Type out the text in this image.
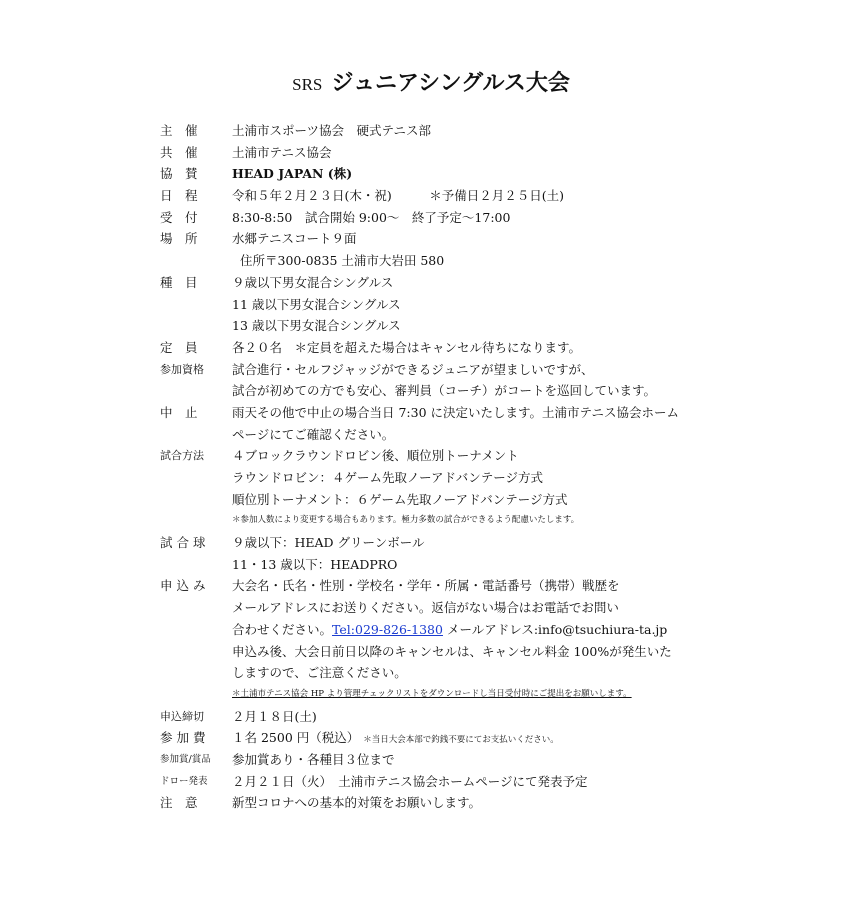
SRS ジュニアシングルス大会
主　催	土浦市スポーツ協会　硬式テニス部
共　催	土浦市テニス協会
協　賛	HEAD JAPAN (株)
日　程	令和５年２月２３日(木・祝)　　　＊予備日２月２５日(土)
受　付	8:30-8:50　試合開始 9:00～　終了予定～17:00
場　所	水郷テニスコート９面
住所〒300-0835 土浦市大岩田 580
種　目	９歳以下男女混合シングルス
11 歳以下男女混合シングルス
13 歳以下男女混合シングルス
定　員	各２０名　＊定員を超えた場合はキャンセル待ちになります。
参加資格	試合進行・セルフジャッジができるジュニアが望ましいですが、
試合が初めての方でも安心、審判員（コーチ）がコートを巡回しています。
中　止	雨天その他で中止の場合当日 7:30 に決定いたします。土浦市テニス協会ホーム
ページにてご確認ください。
試合方法	４ブロックラウンドロビン後、順位別トーナメント
ラウンドロビン：４ゲーム先取ノーアドバンテージ方式
順位別トーナメント：６ゲーム先取ノーアドバンテージ方式
＊参加人数により変更する場合もあります。極力多数の試合ができるよう配慮いたします。
試 合 球	９歳以下：HEAD グリーンボール
11・13 歳以下：HEADPRO
申 込 み	大会名・氏名・性別・学校名・学年・所属・電話番号（携帯）戦歴を
メールアドレスにお送りください。返信がない場合はお電話でお問い
合わせください。Tel:029-826-1380 メールアドレス:info@tsuchiura-ta.jp
申込み後、大会日前日以降のキャンセルは、キャンセル料金 100%が発生いた
しますので、ご注意ください。
＊土浦市テニス協会 HP より管理チェックリストをダウンロードし当日受付時にご提出をお願いします。
申込締切	２月１８日(土)
参 加 費	１名 2500 円（税込） ＊当日大会本部で釣銭不要にてお支払いください。
参加賞/賞品	参加賞あり・各種目３位まで
ドロー発表	２月２１日（火）　土浦市テニス協会ホームページにて発表予定
注　意	新型コロナへの基本的対策をお願いします。
